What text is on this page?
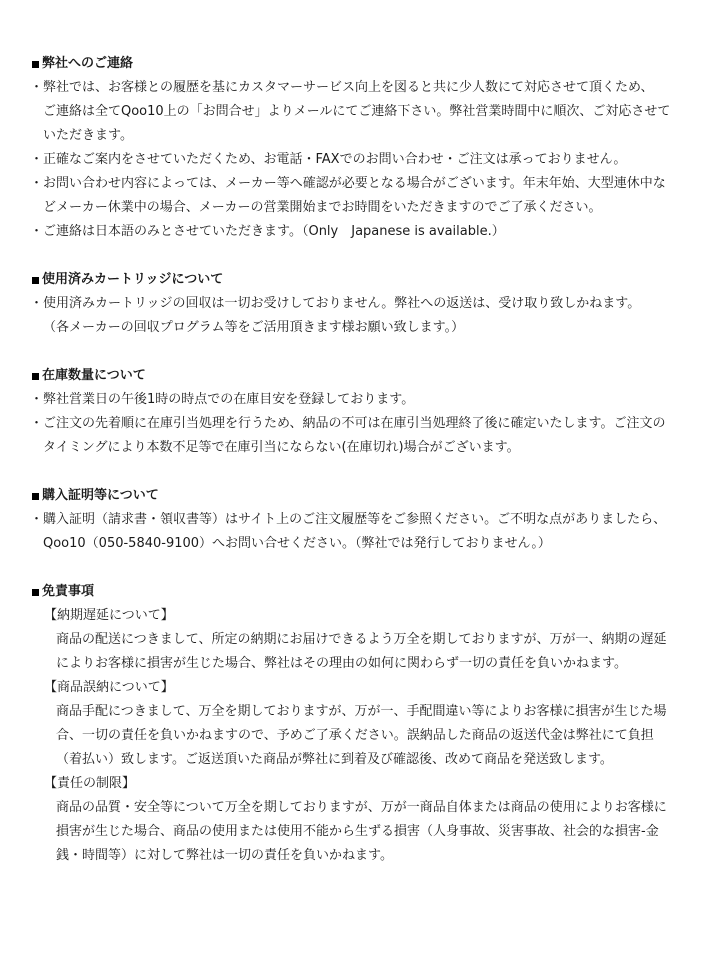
弊社へのご連絡
・ 弊社では、お客様との履歴を基にカスタマーサービス向上を図ると共に少人数にて対応させて頂くため、
ご連絡は全てQoo10上の「お問合せ」よりメールにてご連絡下さい。弊社営業時間中に順次、ご対応させて
いただきます。
・ 正確なご案内をさせていただくため、お電話・FAXでのお問い合わせ・ご注文は承っておりません。
・ お問い合わせ内容によっては、メーカー等へ確認が必要となる場合がございます。年末年始、大型連休中な
どメーカー休業中の場合、メーカーの営業開始までお時間をいただきますのでご了承ください。
・ ご連絡は日本語のみとさせていただきます。（Only　Japanese is available.）
使用済みカートリッジについて
・ 使用済みカートリッジの回収は一切お受けしておりません。弊社への返送は、受け取り致しかねます。
（各メーカーの回収プログラム等をご活用頂きます様お願い致します。）
在庫数量について
・ 弊社営業日の午後1時の時点での在庫目安を登録しております。
・ ご注文の先着順に在庫引当処理を行うため、納品の不可は在庫引当処理終了後に確定いたします。ご注文の
タイミングにより本数不足等で在庫引当にならない(在庫切れ)場合がございます。
購入証明等について
・ 購入証明（請求書・領収書等）はサイト上のご注文履歴等をご参照ください。ご不明な点がありましたら、
Qoo10（050-5840-9100）へお問い合せください。（弊社では発行しておりません。）
免責事項
【納期遅延について】
商品の配送につきまして、所定の納期にお届けできるよう万全を期しておりますが、万が一、納期の遅延
によりお客様に損害が生じた場合、弊社はその理由の如何に関わらず一切の責任を負いかねます。
【商品誤納について】
商品手配につきまして、万全を期しておりますが、万が一、手配間違い等によりお客様に損害が生じた場
合、一切の責任を負いかねますので、予めご了承ください。誤納品した商品の返送代金は弊社にて負担
（着払い）致します。ご返送頂いた商品が弊社に到着及び確認後、改めて商品を発送致します。
【責任の制限】
商品の品質・安全等について万全を期しておりますが、万が一商品自体または商品の使用によりお客様に
損害が生じた場合、商品の使用または使用不能から生ずる損害（人身事故、災害事故、社会的な損害-金
銭・時間等）に対して弊社は一切の責任を負いかねます。
